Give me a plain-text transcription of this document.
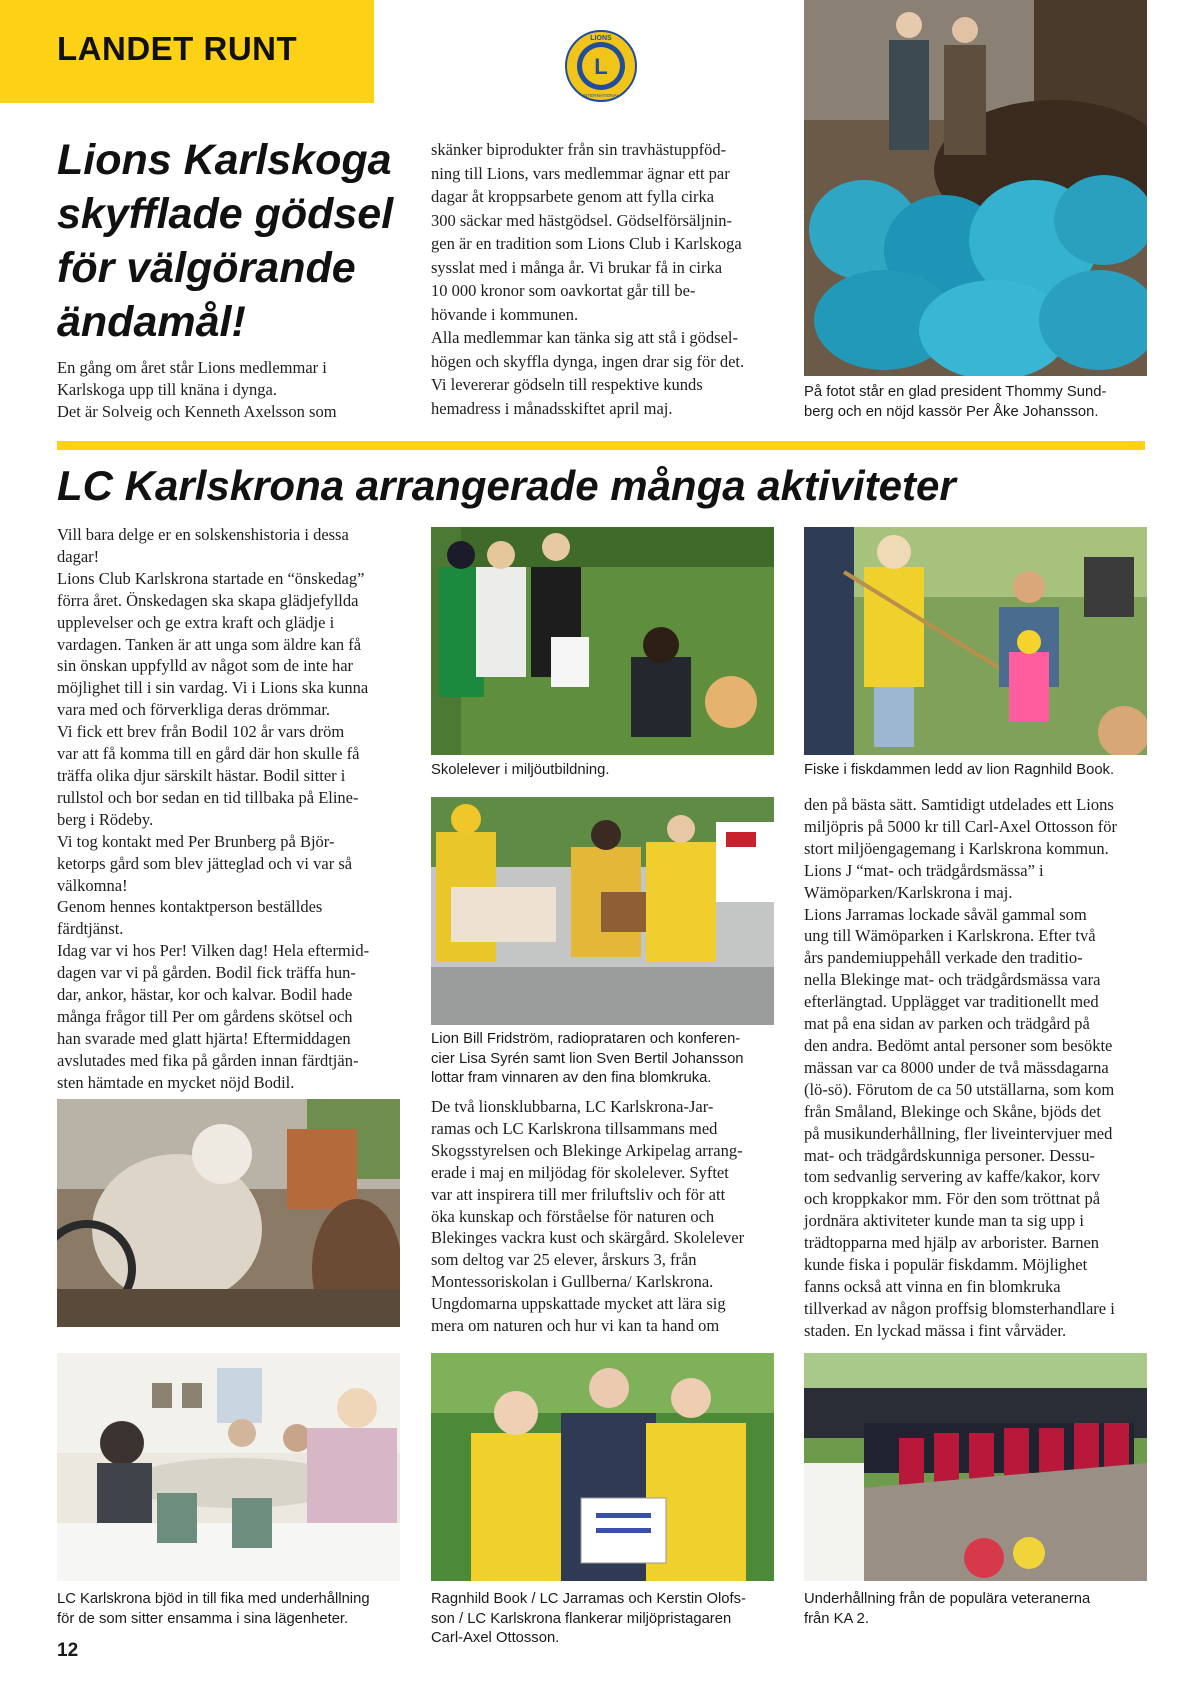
LANDET RUNT	L
LIONS
INTERNATIONAL
Lions Karlskoga skyfflade gödsel för välgörande ändamål!

En gång om året står Lions medlemmar i
Karlskoga upp till knäna i dynga.
Det är Solveig och Kenneth Axelsson som

skänker biprodukter från sin travhästuppföd-
ning till Lions, vars medlemmar ägnar ett par
dagar åt kroppsarbete genom att fylla cirka
300 säckar med hästgödsel. Gödselförsäljnin-
gen är en tradition som Lions Club i Karlskoga
sysslat med i många år. Vi brukar få in cirka
10 000 kronor som oavkortat går till be-
hövande i kommunen.
Alla medlemmar kan tänka sig att stå i gödsel-
högen och skyffla dynga, ingen drar sig för det.
Vi levererar gödseln till respektive kunds
hemadress i månadsskiftet april maj.

På fotot står en glad president Thommy Sund-
berg och en nöjd kassör Per Åke Johansson.

LC Karlskrona arrangerade många aktiviteter

Vill bara delge er en solskenshistoria i dessa
dagar!
Lions Club Karlskrona startade en “önskedag”
förra året. Önskedagen ska skapa glädjefyllda
upplevelser och ge extra kraft och glädje i
vardagen. Tanken är att unga som äldre kan få
sin önskan uppfylld av något som de inte har
möjlighet till i sin vardag. Vi i Lions ska kunna
vara med och förverkliga deras drömmar.
Vi fick ett brev från Bodil 102 år vars dröm
var att få komma till en gård där hon skulle få
träffa olika djur särskilt hästar. Bodil sitter i
rullstol och bor sedan en tid tillbaka på Eline-
berg i Rödeby.
Vi tog kontakt med Per Brunberg på Björ-
ketorps gård som blev jätteglad och vi var så
välkomna!
Genom hennes kontaktperson beställdes
färdtjänst.
Idag var vi hos Per! Vilken dag! Hela eftermid-
dagen var vi på gården. Bodil fick träffa hun-
dar, ankor, hästar, kor och kalvar. Bodil hade
många frågor till Per om gårdens skötsel och
han svarade med glatt hjärta! Eftermiddagen
avslutades med fika på gården innan färdtjän-
sten hämtade en mycket nöjd Bodil.

Skolelever i miljöutbildning.	Fiske i fiskdammen ledd av lion Ragnhild Book.

Lion Bill Fridström, radioprataren och konferen-
cier Lisa Syrén samt lion Sven Bertil Johansson
lottar fram vinnaren av den fina blomkruka.

De två lionsklubbarna, LC Karlskrona-Jar-
ramas och LC Karlskrona tillsammans med
Skogsstyrelsen och Blekinge Arkipelag arrang-
erade i maj en miljödag för skolelever. Syftet
var att inspirera till mer friluftsliv och för att
öka kunskap och förståelse för naturen och
Blekinges vackra kust och skärgård. Skolelever
som deltog var 25 elever, årskurs 3, från
Montessoriskolan i Gullberna/ Karlskrona.
Ungdomarna uppskattade mycket att lära sig
mera om naturen och hur vi kan ta hand om

den på bästa sätt. Samtidigt utdelades ett Lions
miljöpris på 5000 kr till Carl-Axel Ottosson för
stort miljöengagemang i Karlskrona kommun.
Lions J “mat- och trädgårdsmässa” i
Wämöparken/Karlskrona i maj.
Lions Jarramas lockade såväl gammal som
ung till Wämöparken i Karlskrona. Efter två
års pandemiuppehåll verkade den traditio-
nella Blekinge mat- och trädgårdsmässa vara
efterlängtad. Upplägget var traditionellt med
mat på ena sidan av parken och trädgård på
den andra. Bedömt antal personer som besökte
mässan var ca 8000 under de två mässdagarna
(lö-sö). Förutom de ca 50 utställarna, som kom
från Småland, Blekinge och Skåne, bjöds det
på musikunderhållning, fler liveintervjuer med
mat- och trädgårdskunniga personer. Dessu-
tom sedvanlig servering av kaffe/kakor, korv
och kroppkakor mm. För den som tröttnat på
jordnära aktiviteter kunde man ta sig upp i
trädtopparna med hjälp av arborister. Barnen
kunde fiska i populär fiskdamm. Möjlighet
fanns också att vinna en fin blomkruka
tillverkad av någon proffsig blomsterhandlare i
staden. En lyckad mässa i fint vårväder.

LC Karlskrona bjöd in till fika med underhållning
för de som sitter ensamma i sina lägenheter.

Ragnhild Book / LC Jarramas och Kerstin Olofs-
son / LC Karlskrona flankerar miljöpristagaren
Carl-Axel Ottosson.

Underhållning från de populära veteranerna
från KA 2.

12
